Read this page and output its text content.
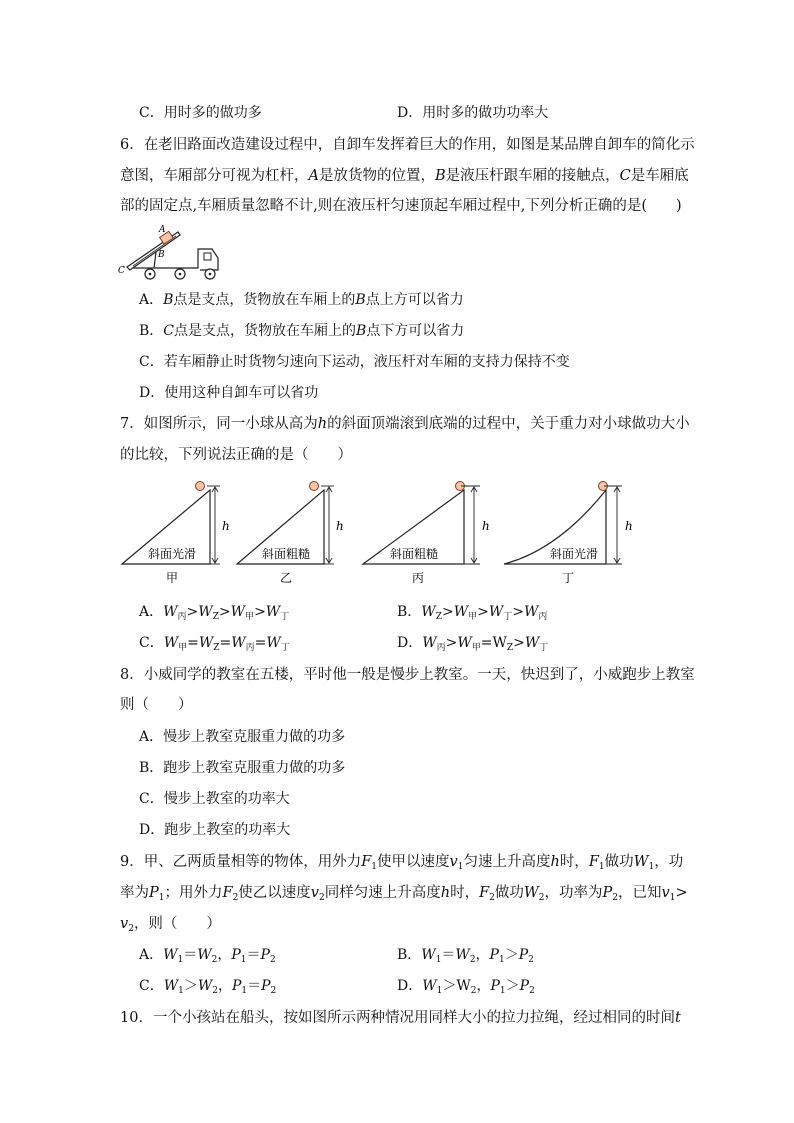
C．用时多的做功多	D．用时多的做功功率大
6．在老旧路面改造建设过程中，自卸车发挥着巨大的作用，如图是某品牌自卸车的简化示
意图，车厢部分可视为杠杆，A是放货物的位置，B是液压杆跟车厢的接触点，C是车厢底
部的固定点,车厢质量忽略不计,则在液压杆匀速顶起车厢过程中,下列分析正确的是(　　)
A
B
C
A．B点是支点，货物放在车厢上的B点上方可以省力
B．C点是支点，货物放在车厢上的B点下方可以省力
C．若车厢静止时货物匀速向下运动，液压杆对车厢的支持力保持不变
D．使用这种自卸车可以省功
7．如图所示，同一小球从高为h的斜面顶端滚到底端的过程中，关于重力对小球做功大小
的比较，下列说法正确的是（　　）
h
斜面光滑
甲
h
斜面粗糙
乙
h
斜面粗糙
丙
h
斜面光滑
丁
A．$W_丙>W_Z>W_甲>W_丁$	B．$W_Z>W_甲>W_丁>W_丙$
C．$W_甲=W_Z=W_丙=W_丁$	D．$W_丙>W_甲=W_Z>W_丁$
8．小威同学的教室在五楼，平时他一般是慢步上教室。一天，快迟到了，小威跑步上教室
则（　　）
A．慢步上教室克服重力做的功多
B．跑步上教室克服重力做的功多
C．慢步上教室的功率大
D．跑步上教室的功率大
9．甲、乙两质量相等的物体，用外力$F_1$使甲以速度$v_1$匀速上升高度h时，$F_1$做功$W_1$，功
率为$P_1$；用外力$F_2$使乙以速度$v_2$同样匀速上升高度h时，$F_2$做功$W_2$，功率为$P_2$，已知$v_1>$
$v_2$，则（　　）
A．$W_1=W_2$，$P_1=P_2$	B．$W_1=W_2$，$P_1>P_2$
C．$W_1>W_2$，$P_1=P_2$	D．$W_1>W_2$，$P_1>P_2$
10．一个小孩站在船头，按如图所示两种情况用同样大小的拉力拉绳，经过相同的时间t
